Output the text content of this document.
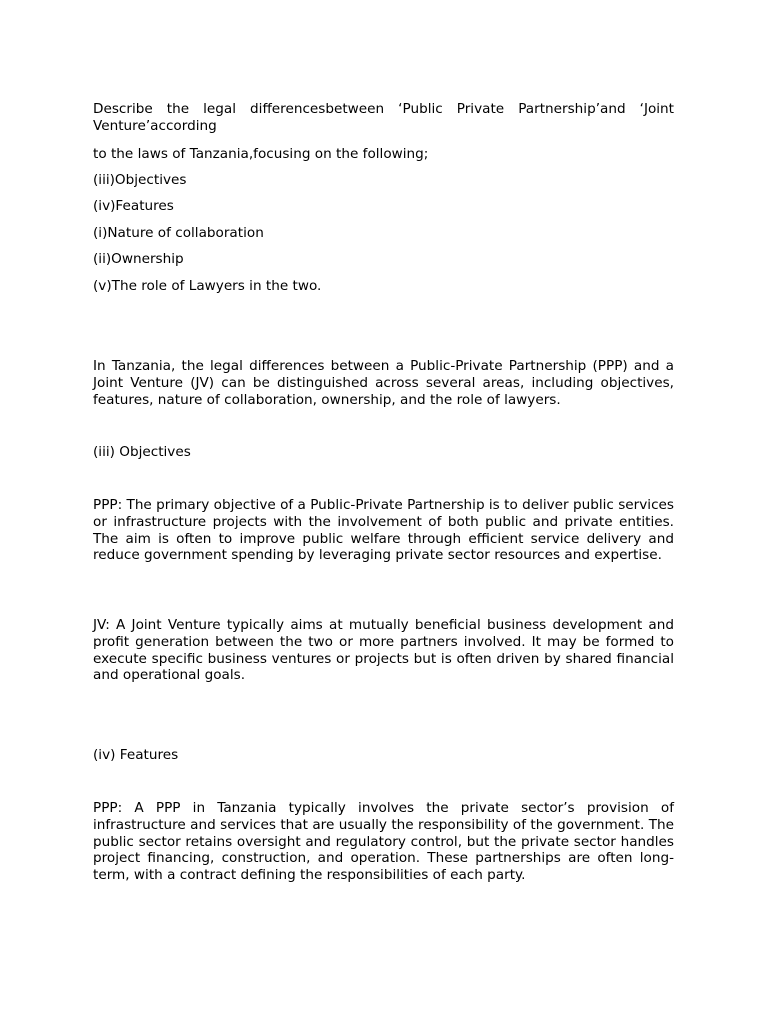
Describe the legal differencesbetween ‘Public Private Partnership’and ‘Joint Venture’according

to the laws of Tanzania,focusing on the following;

(iii)Objectives

(iv)Features

(i)Nature of collaboration

(ii)Ownership

(v)The role of Lawyers in the two.

In Tanzania, the legal differences between a Public-Private Partnership (PPP) and a Joint Venture (JV) can be distinguished across several areas, including objectives, features, nature of collaboration, ownership, and the role of lawyers.

(iii) Objectives

PPP: The primary objective of a Public-Private Partnership is to deliver public services or infrastructure projects with the involvement of both public and private entities. The aim is often to improve public welfare through efficient service delivery and reduce government spending by leveraging private sector resources and expertise.

JV: A Joint Venture typically aims at mutually beneficial business development and profit generation between the two or more partners involved. It may be formed to execute specific business ventures or projects but is often driven by shared financial and operational goals.

(iv) Features

PPP: A PPP in Tanzania typically involves the private sector’s provision of infrastructure and services that are usually the responsibility of the government. The public sector retains oversight and regulatory control, but the private sector handles project financing, construction, and operation. These partnerships are often long-term, with a contract defining the responsibilities of each party.
